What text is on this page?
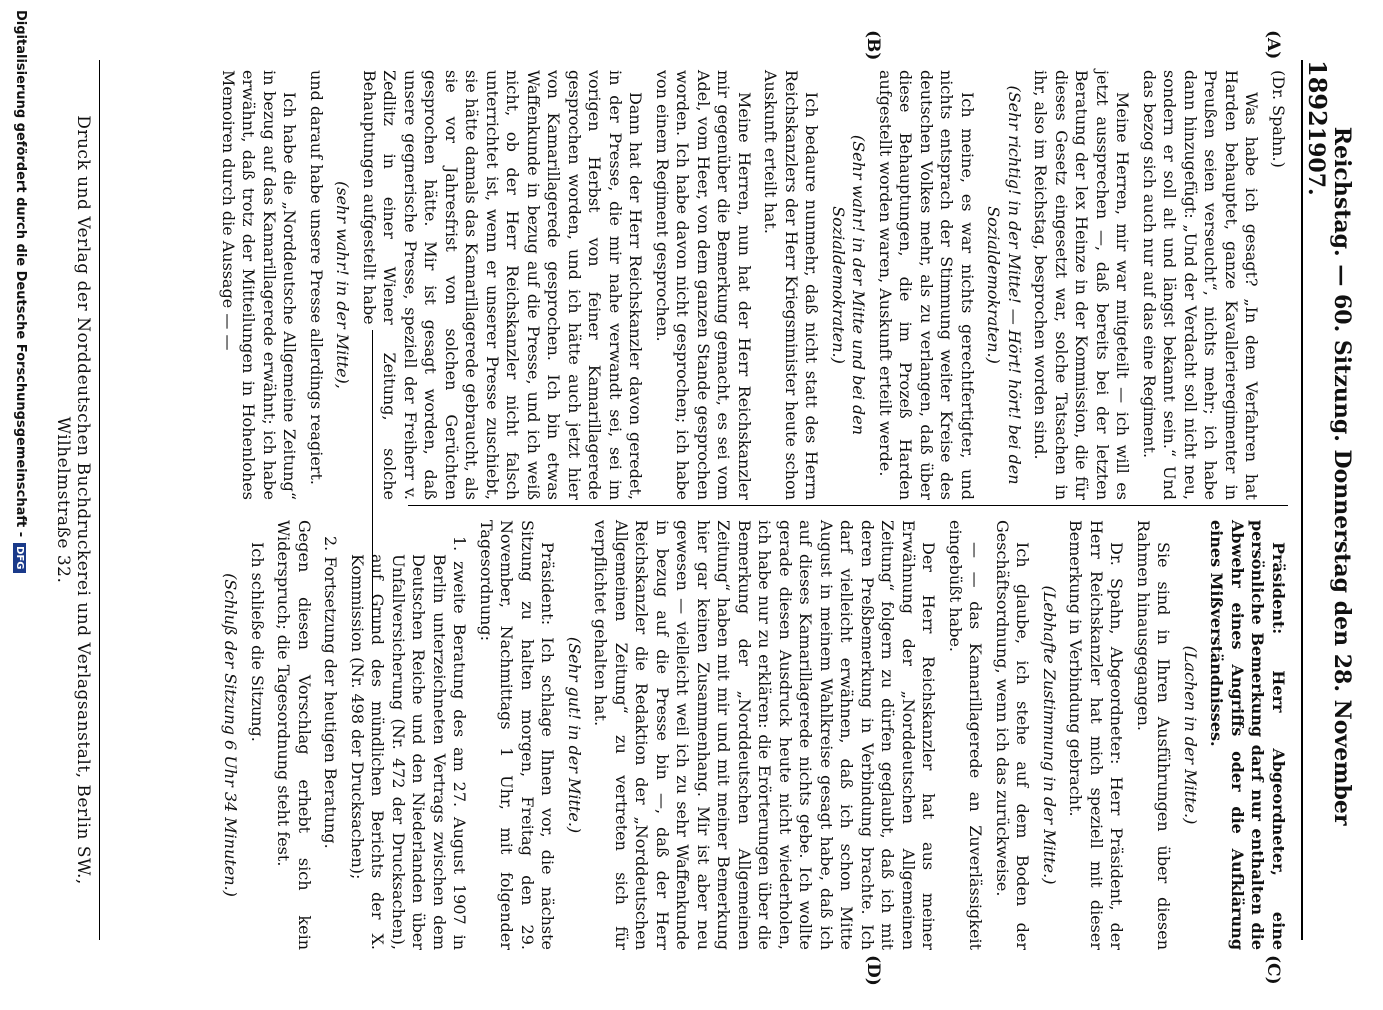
1892
Reichstag. — 60. Sitzung. Donnerstag den 28. November 1907.
(A)
(B)
(C)
(D)

(Dr. Spahn.)

Was habe ich gesagt? „In dem Verfahren hat Harden behauptet, ganze Kavallerieregimenter in Preußen seien verseucht“, nichts mehr; ich habe dann hinzugefügt: „Und der Verdacht soll nicht neu, sondern er soll alt und längst bekannt sein.“ Und das bezog sich auch nur auf das eine Regiment.

Meine Herren, mir war mitgeteilt — ich will es jetzt aussprechen —, daß bereits bei der letzten Beratung der lex Heinze in der Kommission, die für dieses Gesetz eingesetzt war, solche Tatsachen in ihr, also im Reichstag, besprochen worden sind.

(Sehr richtig! in der Mitte! — Hört! hört! bei den Sozialdemokraten.)

Ich meine, es war nichts gerechtfertigter, und nichts entsprach der Stimmung weiter Kreise des deutschen Volkes mehr, als zu verlangen, daß über diese Behauptungen, die im Prozeß Harden aufgestellt worden waren, Auskunft erteilt werde.

(Sehr wahr! in der Mitte und bei den Sozialdemokraten.)

Ich bedaure nunmehr, daß nicht statt des Herrn Reichskanzlers der Herr Kriegsminister heute schon Auskunft erteilt hat.

Meine Herren, nun hat der Herr Reichskanzler mir gegenüber die Bemerkung gemacht, es sei vom Adel, vom Heer, von dem ganzen Stande gesprochen worden. Ich habe davon nicht gesprochen; ich habe von einem Regiment gesprochen.

Dann hat der Herr Reichskanzler davon geredet, in der Presse, die mir nahe verwandt sei, sei im vorigen Herbst von feiner Kamarillagerede gesprochen worden, und ich hätte auch jetzt hier von Kamarillagerede gesprochen. Ich bin etwas Waffenkunde in bezug auf die Presse, und ich weiß nicht, ob der Herr Reichskanzler nicht falsch unterrichtet ist, wenn er unserer Presse zuschiebt, sie hätte damals das Kamarillagerede gebraucht, als sie vor Jahresfrist von solchen Gerüchten gesprochen hätte. Mir ist gesagt worden, daß unsere gegnerische Presse, speziell der Freiherr v. Zedlitz in einer Wiener Zeitung, solche Behauptungen aufgestellt habe

(sehr wahr! in der Mitte),

und darauf habe unsere Presse allerdings reagiert.

Ich habe die „Norddeutsche Allgemeine Zeitung“ in bezug auf das Kamarillagerede erwähnt; ich habe erwähnt, daß trotz der Mitteilungen in Hohenlohes Memoiren durch die Aussage — —

Präsident: Herr Abgeordneter, eine persönliche Bemerkung darf nur enthalten die Abwehr eines Angriffs oder die Aufklärung eines Mißverständnisses.

(Lachen in der Mitte.)

Sie sind in Ihren Ausführungen über diesen Rahmen hinausgegangen.

Dr. Spahn, Abgeordneter: Herr Präsident, der Herr Reichskanzler hat mich speziell mit dieser Bemerkung in Verbindung gebracht.

(Lebhafte Zustimmung in der Mitte.)

Ich glaube, ich stehe auf dem Boden der Geschäftsordnung, wenn ich das zurückweise.

— — das Kamarillagerede an Zuverlässigkeit eingebüßt habe.

Der Herr Reichskanzler hat aus meiner Erwähnung der „Norddeutschen Allgemeinen Zeitung“ folgern zu dürfen geglaubt, daß ich mit deren Preßbemerkung in Verbindung brachte. Ich darf vielleicht erwähnen, daß ich schon Mitte August in meinem Wahlkreise gesagt habe, daß ich auf dieses Kamarillagerede nichts gebe. Ich wollte gerade diesen Ausdruck heute nicht wiederholen, ich habe nur zu erklären: die Erörterungen über die Bemerkung der „Norddeutschen Allgemeinen Zeitung“ haben mit mir und mit meiner Bemerkung hier gar keinen Zusammenhang. Mir ist aber neu gewesen — vielleicht weil ich zu sehr Waffenkunde in bezug auf die Presse bin —, daß der Herr Reichskanzler die Redaktion der „Norddeutschen Allgemeinen Zeitung“ zu vertreten sich für verpflichtet gehalten hat.

(Sehr gut! in der Mitte.)

Präsident: Ich schlage Ihnen vor, die nächste Sitzung zu halten morgen, Freitag den 29. November, Nachmittags 1 Uhr, mit folgender Tagesordnung:

1. zweite Beratung des am 27. August 1907 in Berlin unterzeichneten Vertrags zwischen dem Deutschen Reiche und den Niederlanden über Unfallversicherung (Nr. 472 der Drucksachen), auf Grund des mündlichen Berichts der X. Kommission (Nr. 498 der Drucksachen);

2. Fortsetzung der heutigen Beratung.

Gegen diesen Vorschlag erhebt sich kein Widerspruch; die Tagesordnung steht fest.

Ich schließe die Sitzung.

(Schluß der Sitzung 6 Uhr 34 Minuten.)

Druck und Verlag der Norddeutschen Buchdruckerei und Verlagsanstalt, Berlin SW., Wilhelmstraße 32.
Digitalisierung gefördert durch die Deutsche Forschungsgemeinschaft -DFG
